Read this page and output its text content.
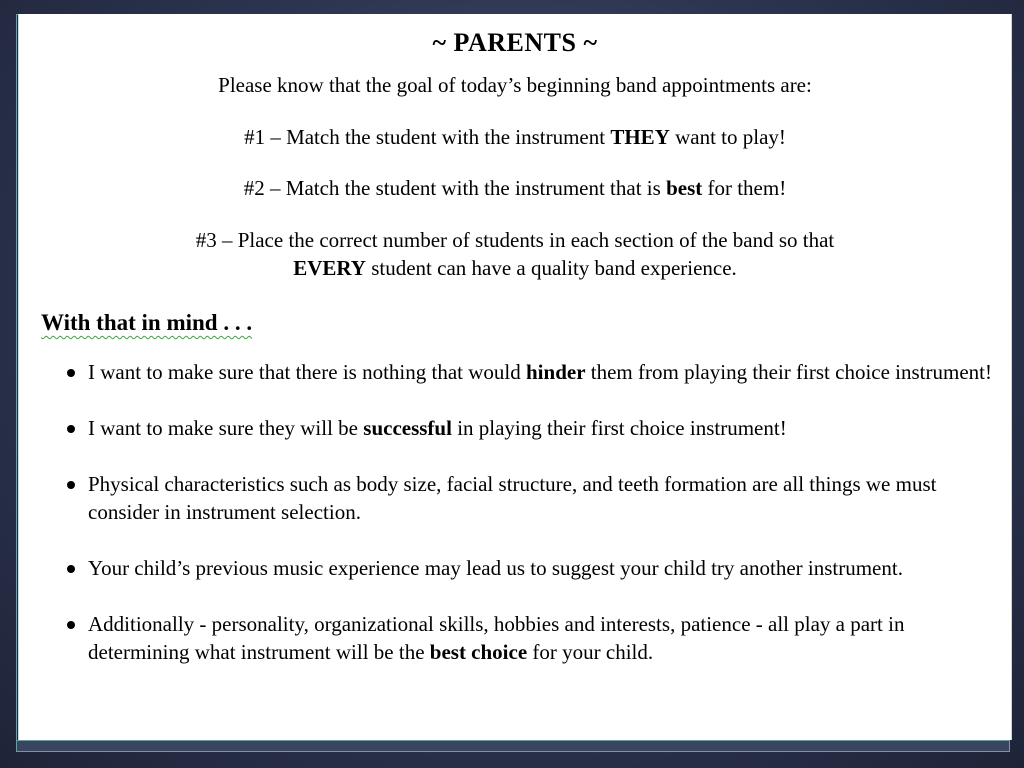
~ PARENTS ~
Please know that the goal of today’s beginning band appointments are:
#1 – Match the student with the instrument THEY want to play!
#2 – Match the student with the instrument that is best for them!
#3 – Place the correct number of students in each section of the band so that
EVERY student can have a quality band experience.
With that in mind . . .
I want to make sure that there is nothing that would hinder them from playing their first choice instrument!
I want to make sure they will be successful in playing their first choice instrument!
Physical characteristics such as body size, facial structure, and teeth formation are all things we must consider in instrument selection.
Your child’s previous music experience may lead us to suggest your child try another instrument.
Additionally - personality, organizational skills, hobbies and interests, patience - all play a part in determining what instrument will be the best choice for your child.
